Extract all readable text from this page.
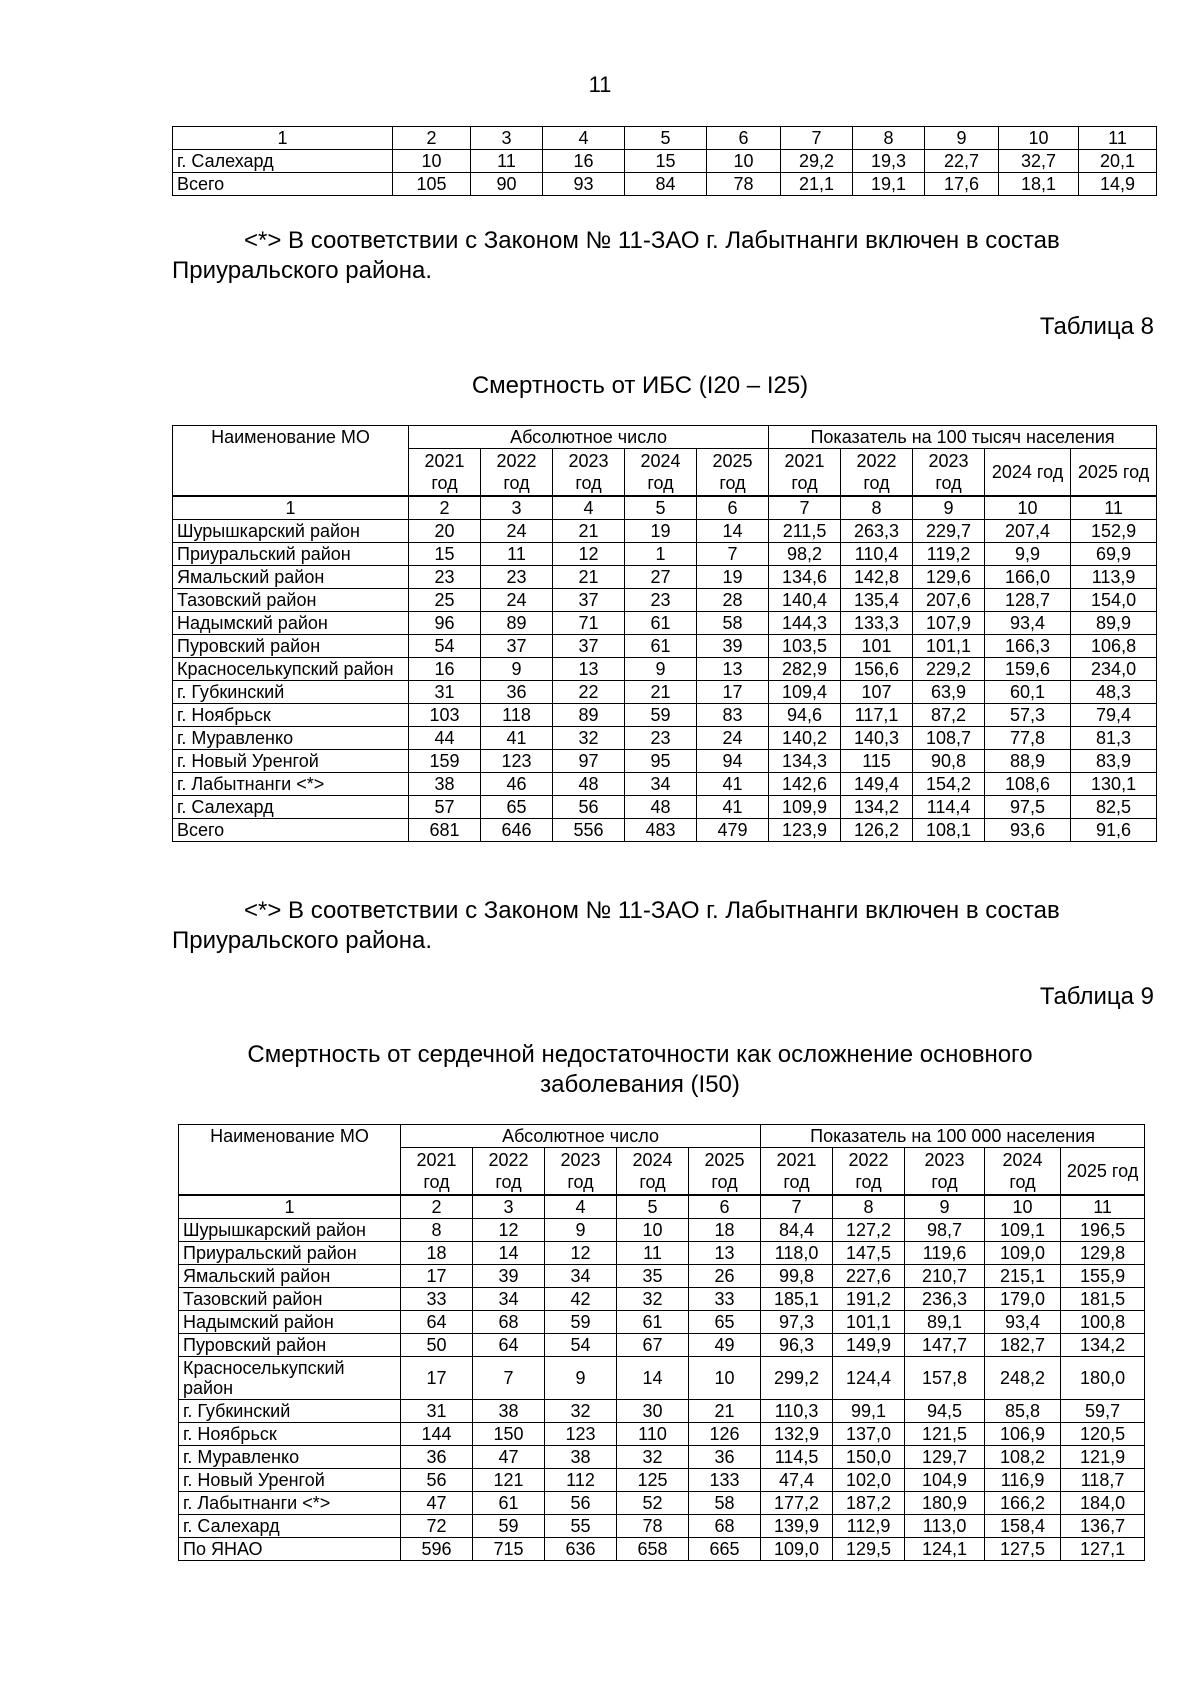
11
1	2	3	4	5	6	7	8	9	10	11
г. Салехард	10	11	16	15	10	29,2	19,3	22,7	32,7	20,1
Всего	105	90	93	84	78	21,1	19,1	17,6	18,1	14,9
<*> В соответствии с Законом № 11-ЗАО г. Лабытнанги включен в состав Приуральского района.
Таблица 8
Смертность от ИБС (I20 – I25)
Наименование МО	Абсолютное число					Показатель на 100 тысяч населения				
	2021 год	2022 год	2023 год	2024 год	2025 год	2021 год	2022 год	2023 год	2024 год	2025 год
1	2	3	4	5	6	7	8	9	10	11
Шурышкарский район	20	24	21	19	14	211,5	263,3	229,7	207,4	152,9
Приуральский район	15	11	12	1	7	98,2	110,4	119,2	9,9	69,9
Ямальский район	23	23	21	27	19	134,6	142,8	129,6	166,0	113,9
Тазовский район	25	24	37	23	28	140,4	135,4	207,6	128,7	154,0
Надымский район	96	89	71	61	58	144,3	133,3	107,9	93,4	89,9
Пуровский район	54	37	37	61	39	103,5	101	101,1	166,3	106,8
Красноселькупский район	16	9	13	9	13	282,9	156,6	229,2	159,6	234,0
г. Губкинский	31	36	22	21	17	109,4	107	63,9	60,1	48,3
г. Ноябрьск	103	118	89	59	83	94,6	117,1	87,2	57,3	79,4
г. Муравленко	44	41	32	23	24	140,2	140,3	108,7	77,8	81,3
г. Новый Уренгой	159	123	97	95	94	134,3	115	90,8	88,9	83,9
г. Лабытнанги <*>	38	46	48	34	41	142,6	149,4	154,2	108,6	130,1
г. Салехард	57	65	56	48	41	109,9	134,2	114,4	97,5	82,5
Всего	681	646	556	483	479	123,9	126,2	108,1	93,6	91,6
<*> В соответствии с Законом № 11-ЗАО г. Лабытнанги включен в состав Приуральского района.
Таблица 9
Смертность от сердечной недостаточности как осложнение основного
заболевания (I50)
Наименование МО	Абсолютное число					Показатель на 100 000 населения				
	2021 год	2022 год	2023 год	2024 год	2025 год	2021 год	2022 год	2023 год	2024 год	2025 год
1	2	3	4	5	6	7	8	9	10	11
Шурышкарский район	8	12	9	10	18	84,4	127,2	98,7	109,1	196,5
Приуральский район	18	14	12	11	13	118,0	147,5	119,6	109,0	129,8
Ямальский район	17	39	34	35	26	99,8	227,6	210,7	215,1	155,9
Тазовский район	33	34	42	32	33	185,1	191,2	236,3	179,0	181,5
Надымский район	64	68	59	61	65	97,3	101,1	89,1	93,4	100,8
Пуровский район	50	64	54	67	49	96,3	149,9	147,7	182,7	134,2
Красноселькупский район	17	7	9	14	10	299,2	124,4	157,8	248,2	180,0
г. Губкинский	31	38	32	30	21	110,3	99,1	94,5	85,8	59,7
г. Ноябрьск	144	150	123	110	126	132,9	137,0	121,5	106,9	120,5
г. Муравленко	36	47	38	32	36	114,5	150,0	129,7	108,2	121,9
г. Новый Уренгой	56	121	112	125	133	47,4	102,0	104,9	116,9	118,7
г. Лабытнанги <*>	47	61	56	52	58	177,2	187,2	180,9	166,2	184,0
г. Салехард	72	59	55	78	68	139,9	112,9	113,0	158,4	136,7
По ЯНАО	596	715	636	658	665	109,0	129,5	124,1	127,5	127,1
